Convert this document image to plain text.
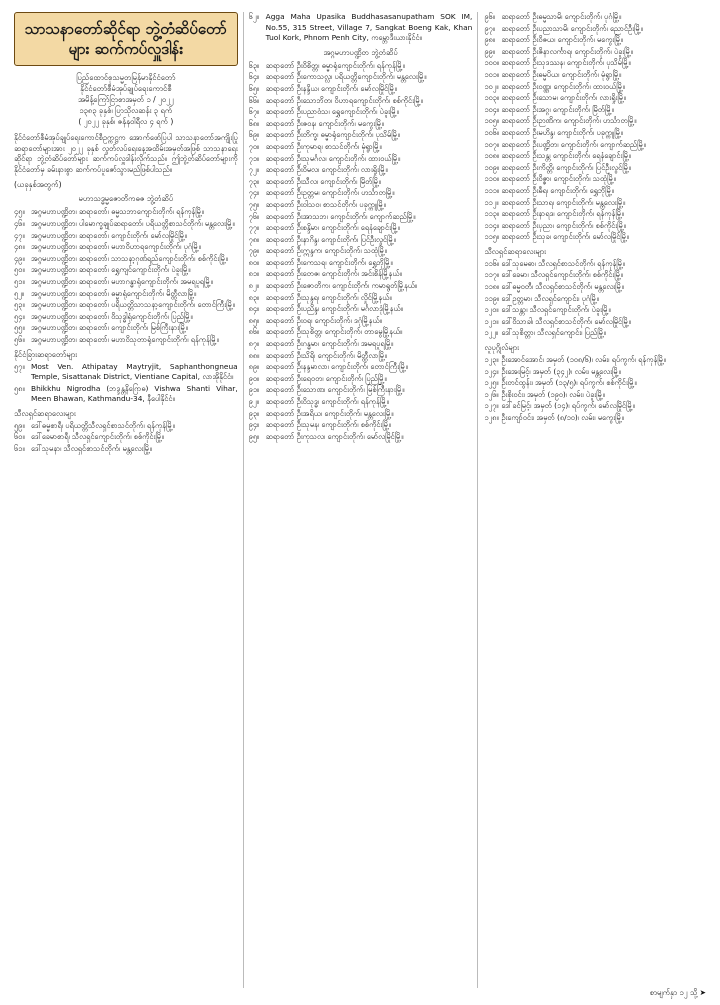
သာသနာတော်ဆိုင်ရာ ဘွဲ့တံဆိပ်တော်များ ဆက်ကပ်လှူဒါန်း
ပြည်ထောင်စုသမ္မတမြန်မာနိုင်ငံတော်
နိုင်ငံတော်စီမံအုပ်ချုပ်ရေးကောင်စီ
အမိန့်ကြော်ငြာစာအမှတ် ၁ / ၂၀၂၂
၁၃၈၃ ခုနှစ်၊ ပြာသိုလဆန်း ၃ ရက်
( ၂၀၂၂ ခုနှစ်၊ ဇန်နဝါရီလ ၄ ရက် )
နိုင်ငံတော်စီမံအုပ်ချုပ်ရေးကောင်စီဥက္ကဋ္ဌက အောက်ဖော်ပြပါ သာသနာတော်အကျိုးပြု ဆရာတော်များအား ၂၀၂၂ ခုနှစ် လွတ်လပ်ရေးနေ့အထိမ်းအမှတ်အဖြစ် သာသနာရေးဆိုင်ရာ ဘွဲ့တံဆိပ်တော်များ ဆက်ကပ်လှူဒါန်းလိုက်သည်။ ဤဘွဲ့တံဆိပ်တော်များကို နိုင်ငံတော်မှ ခမ်းနားစွာ ဆက်ကပ်ပူဇော်သွားမည်ဖြစ်ပါသည်။
(ယခုနှစ်အတွက်)
မဟာသဒ္ဓမ္မဇောတိကဓဇ ဘွဲ့တံဆိပ်
၄၅။ အဂ္ဂမဟာပဏ္ဍိတ၊ ဆရာတော်၊ ဓမ္မသဘာကျောင်းတိုက်၊ ရန်ကုန်မြို့။
၄၆။ အဂ္ဂမဟာပဏ္ဍိတ၊ ပါမောက္ခချုပ်ဆရာတော်၊ ပရိယတ္တိစာသင်တိုက်၊ မန္တလေးမြို့။
၄၇။ အဂ္ဂမဟာပဏ္ဍိတ၊ ဆရာတော်၊ ကျောင်းတိုက်၊ မော်လမြိုင်မြို့။
၄၈။ အဂ္ဂမဟာပဏ္ဍိတ၊ ဆရာတော်၊ မဟာဝိဟာရကျောင်းတိုက်၊ ပုဂံမြို့။
၄၉။ အဂ္ဂမဟာပဏ္ဍိတ၊ ဆရာတော်၊ သာသနာ့ဂုဏ်ရည်ကျောင်းတိုက်၊ စစ်ကိုင်းမြို့။
၅၀။ အဂ္ဂမဟာပဏ္ဍိတ၊ ဆရာတော်၊ ရွှေကျင်ကျောင်းတိုက်၊ ပဲခူးမြို့။
၅၁။ အဂ္ဂမဟာပဏ္ဍိတ၊ ဆရာတော်၊ မဟာဂန္ဓာရုံကျောင်းတိုက်၊ အမရပူရမြို့။
၅၂။ အဂ္ဂမဟာပဏ္ဍိတ၊ ဆရာတော်၊ ဓမ္မာရုံကျောင်းတိုက်၊ မိတ္ထီလာမြို့။
၅၃။ အဂ္ဂမဟာပဏ္ဍိတ၊ ဆရာတော်၊ ပရိယတ္တိသာသနာ့ကျောင်းတိုက်၊ တောင်ကြီးမြို့။
၅၄။ အဂ္ဂမဟာပဏ္ဍိတ၊ ဆရာတော်၊ ဝိသုဒ္ဓါရုံကျောင်းတိုက်၊ ပြည်မြို့။
၅၅။ အဂ္ဂမဟာပဏ္ဍိတ၊ ဆရာတော်၊ ကျောင်းတိုက်၊ မြစ်ကြီးနားမြို့။
၅၆။ အဂ္ဂမဟာပဏ္ဍိတ၊ ဆရာတော်၊ မဟာဝိသုတာရုံကျောင်းတိုက်၊ ရန်ကုန်မြို့။
နိုင်ငံခြားဆရာတော်များ
၅၇။ Most Ven. Athipatay Maytryjit, Saphanthongneua Temple, Sisattanak District, Vientiane Capital, လာအိုနိုင်ငံ။
၅၈။ Bhikkhu Nigrodha (ဘဒ္ဒန္တနိဂြောဓ) Vishwa Shanti Vihar, Meen Bhawan, Kathmandu-34, နီပေါနိုင်ငံ။
သီလရှင်ဆရာလေးများ
၅၉။ ဒေါ်ဓမ္မစာရီ၊ ပရိယတ္တိသီလရှင်စာသင်တိုက်၊ ရန်ကုန်မြို့။
၆၀။ ဒေါ်ခေမာစာရီ၊ သီလရှင်ကျောင်းတိုက်၊ စစ်ကိုင်းမြို့။
၆၁။ ဒေါ်သုမနာ၊ သီလရှင်စာသင်တိုက်၊ မန္တလေးမြို့။
၆၂။ Agga Maha Upasika Buddhasasanupatham SOK IM, No.55, 315 Street, Village 7, Sangkat Boeng Kak, Khan Tuol Kork, Phnom Penh City, ကမ္ဘောဒီးယားနိုင်ငံ။
အဂ္ဂမဟာပဏ္ဍိတ ဘွဲ့တံဆိပ်
၆၃။ ဆရာတော် ဦးဝိစိတ္တ၊ ဓမ္မာရုံကျောင်းတိုက်၊ ရန်ကုန်မြို့။
၆၄။ ဆရာတော် ဦးကောသလ္လ၊ ပရိယတ္တိကျောင်းတိုက်၊ မန္တလေးမြို့။
၆၅။ ဆရာတော် ဦးနန္ဒိယ၊ ကျောင်းတိုက်၊ မော်လမြိုင်မြို့။
၆၆။ ဆရာတော် ဦးသောဘိတ၊ ဝိဟာရကျောင်းတိုက်၊ စစ်ကိုင်းမြို့။
၆၇။ ဆရာတော် ဦးပညာဝံသ၊ ရွှေကျောင်းတိုက်၊ ပဲခူးမြို့။
၆၈။ ဆရာတော် ဦးဇဝန၊ ကျောင်းတိုက်၊ မကွေးမြို့။
၆၉။ ဆရာတော် ဦးတိက္ခ၊ ဓမ္မာရုံကျောင်းတိုက်၊ ပုသိမ်မြို့။
၇၀။ ဆရာတော် ဦးကုမာရ၊ စာသင်တိုက်၊ မုံရွာမြို့။
၇၁။ ဆရာတော် ဦးသုမင်္ဂလ၊ ကျောင်းတိုက်၊ ထားဝယ်မြို့။
၇၂။ ဆရာတော် ဦးဝိမလ၊ ကျောင်းတိုက်၊ လားရှိုးမြို့။
၇၃။ ဆရာတော် ဦးသီလ၊ ကျောင်းတိုက်၊ မြိတ်မြို့။
၇၄။ ဆရာတော် ဦးဥတ္တမ၊ ကျောင်းတိုက်၊ ဟင်္သာတမြို့။
၇၅။ ဆရာတော် ဦးဝါသဝ၊ စာသင်တိုက်၊ ပခုက္ကူမြို့။
၇၆။ ဆရာတော် ဦးအာသဘ၊ ကျောင်းတိုက်၊ ကျောက်ဆည်မြို့။
၇၇။ ဆရာတော် ဦးစန္ဒိမာ၊ ကျောင်းတိုက်၊ ရေနံချောင်းမြို့။
၇၈။ ဆရာတော် ဦးနာဂိန္ဒ၊ ကျောင်းတိုက်၊ ပြင်ဦးလွင်မြို့။
၇၉။ ဆရာတော် ဦးဣန္ဒက၊ ကျောင်းတိုက်၊ သထုံမြို့။
၈၀။ ဆရာတော် ဦးကေသရ၊ ကျောင်းတိုက်၊ ရွှေဘိုမြို့။
၈၁။ ဆရာတော် ဦးတေဇ၊ ကျောင်းတိုက်၊ အင်းစိန်မြို့နယ်။
၈၂။ ဆရာတော် ဦးဇောတိက၊ ကျောင်းတိုက်၊ ကမာရွတ်မြို့နယ်။
၈၃။ ဆရာတော် ဦးသုန္ဒရ၊ ကျောင်းတိုက်၊ လှိုင်မြို့နယ်။
၈၄။ ဆရာတော် ဦးပညိန္ဒ၊ ကျောင်းတိုက်၊ မင်္ဂလာဒုံမြို့နယ်။
၈၅။ ဆရာတော် ဦးဝရ၊ ကျောင်းတိုက်၊ ဒဂုံမြို့နယ်။
၈၆။ ဆရာတော် ဦးသုစိတ္တ၊ ကျောင်းတိုက်၊ တာမွေမြို့နယ်။
၈၇။ ဆရာတော် ဦးဂန္ဓမာ၊ ကျောင်းတိုက်၊ အမရပူရမြို့။
၈၈။ ဆရာတော် ဦးသိရိ၊ ကျောင်းတိုက်၊ မိတ္ထီလာမြို့။
၈၉။ ဆရာတော် ဦးနန္ဒမာလာ၊ ကျောင်းတိုက်၊ တောင်ကြီးမြို့။
၉၀။ ဆရာတော် ဦးရေဝတ၊ ကျောင်းတိုက်၊ ပြည်မြို့။
၉၁။ ဆရာတော် ဦးသောဏ၊ ကျောင်းတိုက်၊ မြစ်ကြီးနားမြို့။
၉၂။ ဆရာတော် ဦးဝိသုဒ္ဓ၊ ကျောင်းတိုက်၊ ရန်ကုန်မြို့။
၉၃။ ဆရာတော် ဦးအရိယ၊ ကျောင်းတိုက်၊ မန္တလေးမြို့။
၉၄။ ဆရာတော် ဦးသုမန၊ ကျောင်းတိုက်၊ စစ်ကိုင်းမြို့။
၉၅။ ဆရာတော် ဦးကုသလ၊ ကျောင်းတိုက်၊ မော်လမြိုင်မြို့။
၉၆။ ဆရာတော် ဦးဓမ္မသာမိ၊ ကျောင်းတိုက်၊ ပုဂံမြို့။
၉၇။ ဆရာတော် ဦးပညာသာမိ၊ ကျောင်းတိုက်၊ ညောင်ဦးမြို့။
၉၈။ ဆရာတော် ဦးဝိဇယ၊ ကျောင်းတိုက်၊ မကွေးမြို့။
၉၉။ ဆရာတော် ဦးဇိနာလင်္ကာရ၊ ကျောင်းတိုက်၊ ပဲခူးမြို့။
၁၀၀။ ဆရာတော် ဦးသုဒဿန၊ ကျောင်းတိုက်၊ ပုသိမ်မြို့။
၁၀၁။ ဆရာတော် ဦးဓမ္မပိယ၊ ကျောင်းတိုက်၊ မုံရွာမြို့။
၁၀၂။ ဆရာတော် ဦးဝဏ္ဏ၊ ကျောင်းတိုက်၊ ထားဝယ်မြို့။
၁၀၃။ ဆရာတော် ဦးသောမ၊ ကျောင်းတိုက်၊ လားရှိုးမြို့။
၁၀၄။ ဆရာတော် ဦးအဂ္ဂ၊ ကျောင်းတိုက်၊ မြိတ်မြို့။
၁၀၅။ ဆရာတော် ဦးဉာဏိက၊ ကျောင်းတိုက်၊ ဟင်္သာတမြို့။
၁၀၆။ ဆရာတော် ဦးမဟိန္ဒ၊ ကျောင်းတိုက်၊ ပခုက္ကူမြို့။
၁၀၇။ ဆရာတော် ဦးပဏ္ဍိတ၊ ကျောင်းတိုက်၊ ကျောက်ဆည်မြို့။
၁၀၈။ ဆရာတော် ဦးသန္တ၊ ကျောင်းတိုက်၊ ရေနံချောင်းမြို့။
၁၀၉။ ဆရာတော် ဦးကိတ္တိ၊ ကျောင်းတိုက်၊ ပြင်ဦးလွင်မြို့။
၁၁၀။ ဆရာတော် ဦးဝိဇ္ဇာ၊ ကျောင်းတိုက်၊ သထုံမြို့။
၁၁၁။ ဆရာတော် ဦးဓီရ၊ ကျောင်းတိုက်၊ ရွှေဘိုမြို့။
၁၁၂။ ဆရာတော် ဦးသာရ၊ ကျောင်းတိုက်၊ မန္တလေးမြို့။
၁၁၃။ ဆရာတော် ဦးနာရဒ၊ ကျောင်းတိုက်၊ ရန်ကုန်မြို့။
၁၁၄။ ဆရာတော် ဦးပုညာ၊ ကျောင်းတိုက်၊ စစ်ကိုင်းမြို့။
၁၁၅။ ဆရာတော် ဦးသုခ၊ ကျောင်းတိုက်၊ မော်လမြိုင်မြို့။
သီလရှင်ဆရာလေးများ
၁၁၆။ ဒေါ်သုမေဓာ၊ သီလရှင်စာသင်တိုက်၊ ရန်ကုန်မြို့။
၁၁၇။ ဒေါ်ခေမာ၊ သီလရှင်ကျောင်းတိုက်၊ စစ်ကိုင်းမြို့။
၁၁၈။ ဒေါ်ဓမ္မဝတီ၊ သီလရှင်စာသင်တိုက်၊ မန္တလေးမြို့။
၁၁၉။ ဒေါ်ဥတ္တမာ၊ သီလရှင်ကျောင်း၊ ပုဂံမြို့။
၁၂၀။ ဒေါ်သန္တာ၊ သီလရှင်ကျောင်းတိုက်၊ ပဲခူးမြို့။
၁၂၁။ ဒေါ်ဝိသာခါ၊ သီလရှင်စာသင်တိုက်၊ မော်လမြိုင်မြို့။
၁၂၂။ ဒေါ်သုစိတ္တာ၊ သီလရှင်ကျောင်း၊ ပြည်မြို့။
လူပုဂ္ဂိုလ်များ
၁၂၃။ ဦးအောင်အောင်၊ အမှတ် (၁၀၈/၆)၊ လမ်း၊ ရပ်ကွက်၊ ရန်ကုန်မြို့။
၁၂၄။ ဦးအေးမြင့်၊ အမှတ် (၃၄၂)၊ လမ်း၊ မန္တလေးမြို့။
၁၂၅။ ဦးတင်ထွန်း၊ အမှတ် (၁၃/၅)၊ ရပ်ကွက်၊ စစ်ကိုင်းမြို့။
၁၂၆။ ဦးစိုးဝင်း၊ အမှတ် (၁၉၀)၊ လမ်း၊ ပဲခူးမြို့။
၁၂၇။ ဒေါ်ခင်မြင့်၊ အမှတ် (၁၄)၊ ရပ်ကွက်၊ မော်လမြိုင်မြို့။
၁၂၈။ ဦးကျော်ဝင်း၊ အမှတ် (၈/၁၀)၊ လမ်း၊ မကွေးမြို့။
စာမျက်နှာ ၁၂ သို့ ➤
